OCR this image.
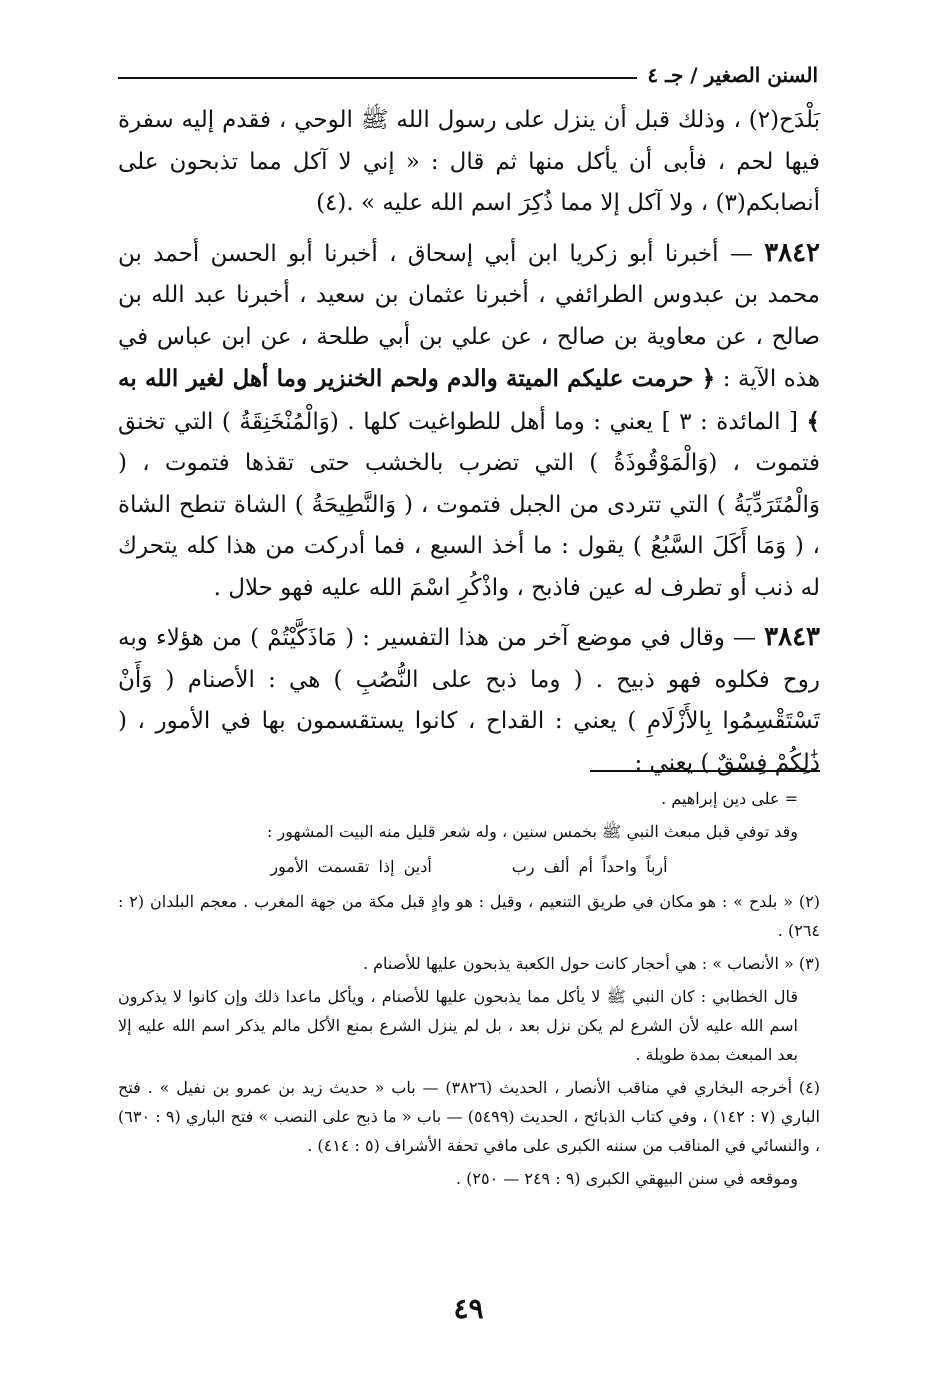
السنن الصغير / جـ ٤

بَلْدَح(٢) ، وذلك قبل أن ينزل على رسول الله ﷺ الوحي ، فقدم إليه سفرة فيها لحم ، فأبى أن يأكل منها ثم قال : « إني لا آكل مما تذبحون على أنصابكم(٣) ، ولا آكل إلا مما ذُكِرَ اسم الله عليه » .(٤)

٣٨٤٢ — أخبرنا أبو زكريا ابن أبي إسحاق ، أخبرنا أبو الحسن أحمد بن محمد بن عبدوس الطرائفي ، أخبرنا عثمان بن سعيد ، أخبرنا عبد الله بن صالح ، عن معاوية بن صالح ، عن علي بن أبي طلحة ، عن ابن عباس في هذه الآية : ﴿ حرمت عليكم الميتة والدم ولحم الخنزير وما أهل لغير الله به ﴾ [ المائدة : ٣ ] يعني : وما أهل للطواغيت كلها . (وَالْمُنْخَنِقَةُ ) التي تخنق فتموت ، (وَالْمَوْقُوذَةُ ) التي تضرب بالخشب حتى تقذها فتموت ، ( وَالْمُتَرَدِّيَةُ ) التي تتردى من الجبل فتموت ، ( وَالنَّطِيحَةُ ) الشاة تنطح الشاة ، ( وَمَا أَكَلَ السَّبُعُ ) يقول : ما أخذ السبع ، فما أدركت من هذا كله يتحرك له ذنب أو تطرف له عين فاذبح ، واذْكُرِ اسْمَ الله عليه فهو حلال .

٣٨٤٣ — وقال في موضع آخر من هذا التفسير : ( مَاذَكَّيْتُمْ ) من هؤلاء وبه روح فكلوه فهو ذبيح . ( وما ذبح على النُّصُبِ ) هي : الأصنام ( وَأَنْ تَسْتَقْسِمُوا بِالأَزْلَامِ ) يعني : القداح ، كانوا يستقسمون بها في الأمور ، ( ذَٰلِكُمْ فِسْقٌ ) يعني :

= على دين إبراهيم .

وقد توفي قبل مبعث النبي ﷺ بخمس سنين ، وله شعر قليل منه البيت المشهور :

أرباً واحداً أم ألف ربأدين إذا تقسمت الأمور

(٢) « بلدح » : هو مكان في طريق التنعيم ، وقيل : هو وادٍ قبل مكة من جهة المغرب . معجم البلدان (٢ : ٢٦٤) .

(٣) « الأنصاب » : هي أحجار كانت حول الكعبة يذبحون عليها للأصنام .

قال الخطابي : كان النبي ﷺ لا يأكل مما يذبحون عليها للأصنام ، ويأكل ماعدا ذلك وإن كانوا لا يذكرون اسم الله عليه لأن الشرع لم يكن نزل بعد ، بل لم ينزل الشرع بمنع الأكل مالم يذكر اسم الله عليه إلا بعد المبعث بمدة طويلة .

(٤) أخرجه البخاري في مناقب الأنصار ، الحديث (٣٨٢٦) — باب « حديث زيد بن عمرو بن نفيل » . فتح الباري (٧ : ١٤٢) ، وفي كتاب الذبائح ، الحديث (٥٤٩٩) — باب « ما ذبح على النصب » فتح الباري (٩ : ٦٣٠) ، والنسائي في المناقب من سننه الكبرى على مافي تحفة الأشراف (٥ : ٤١٤) .

وموقعه في سنن البيهقي الكبرى (٩ : ٢٤٩ — ٢٥٠) .

٤٩
